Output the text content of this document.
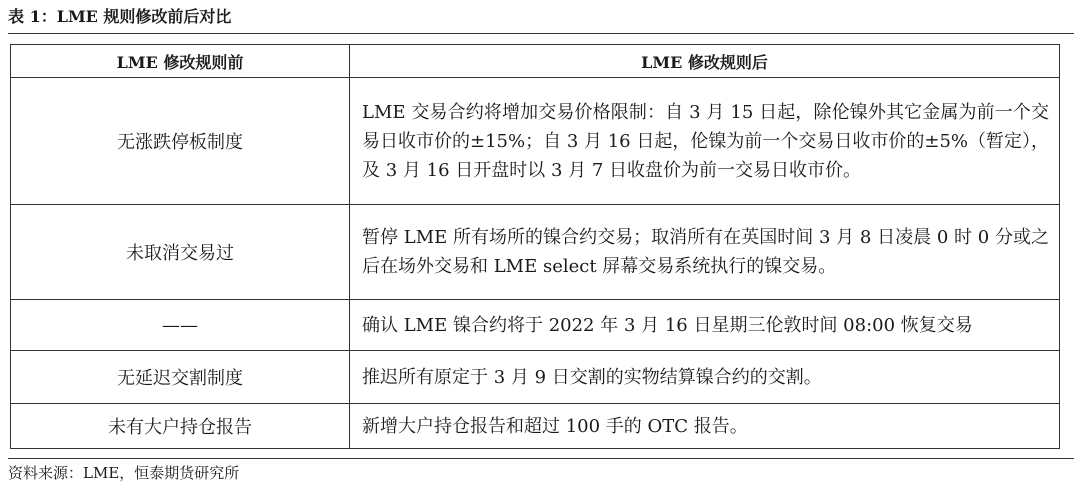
表 1：LME 规则修改前后对比
LME 修改规则前	LME 修改规则后
无涨跌停板制度	LME 交易合约将增加交易价格限制：自 3 月 15 日起，除伦镍外其它金属为前一个交易日收市价的±15%；自 3 月 16 日起，伦镍为前一个交易日收市价的±5%（暂定），及 3 月 16 日开盘时以 3 月 7 日收盘价为前一交易日收市价。
未取消交易过	暂停 LME 所有场所的镍合约交易；取消所有在英国时间 3 月 8 日凌晨 0 时 0 分或之后在场外交易和 LME select 屏幕交易系统执行的镍交易。
——	确认 LME 镍合约将于 2022 年 3 月 16 日星期三伦敦时间 08:00 恢复交易
无延迟交割制度	推迟所有原定于 3 月 9 日交割的实物结算镍合约的交割。
未有大户持仓报告	新增大户持仓报告和超过 100 手的 OTC 报告。
资料来源：LME，恒泰期货研究所
